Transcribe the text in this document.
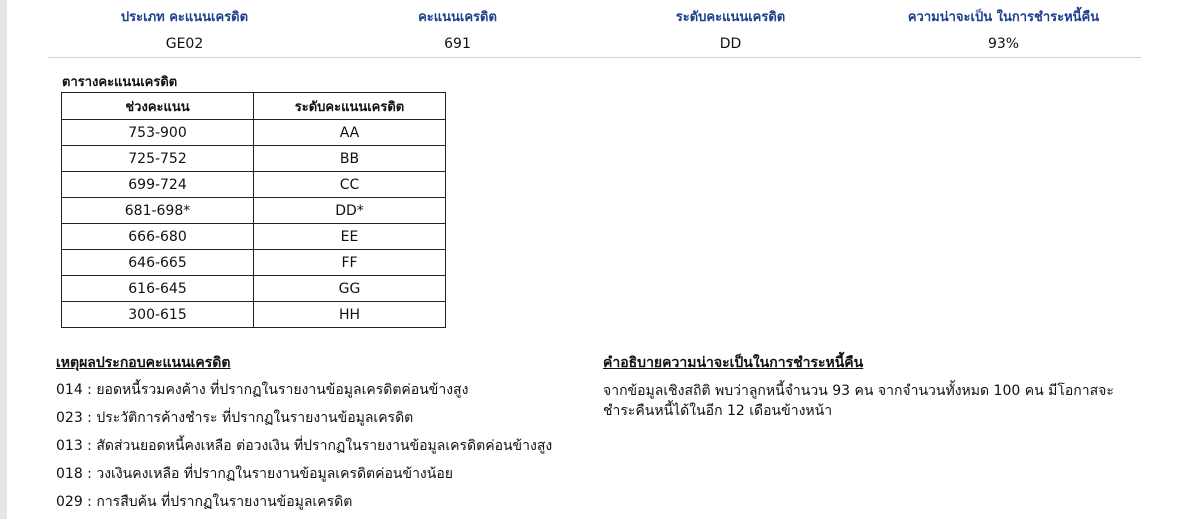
ประเภท คะแนนเครดิต	คะแนนเครดิต	ระดับคะแนนเครดิต	ความน่าจะเป็น ในการชำระหนี้คืน
GE02	691	DD	93%
ตารางคะแนนเครดิต
ช่วงคะแนน	ระดับคะแนนเครดิต
753-900	AA
725-752	BB
699-724	CC
681-698*	DD*
666-680	EE
646-665	FF
616-645	GG
300-615	HH
เหตุผลประกอบคะแนนเครดิต
014 : ยอดหนี้รวมคงค้าง ที่ปรากฏในรายงานข้อมูลเครดิตค่อนข้างสูง
023 : ประวัติการค้างชำระ ที่ปรากฏในรายงานข้อมูลเครดิต
013 : สัดส่วนยอดหนี้คงเหลือ ต่อวงเงิน ที่ปรากฏในรายงานข้อมูลเครดิตค่อนข้างสูง
018 : วงเงินคงเหลือ ที่ปรากฏในรายงานข้อมูลเครดิตค่อนข้างน้อย
029 : การสืบค้น ที่ปรากฏในรายงานข้อมูลเครดิต
คำอธิบายความน่าจะเป็นในการชำระหนี้คืน
จากข้อมูลเชิงสถิติ พบว่าลูกหนี้จำนวน 93 คน จากจำนวนทั้งหมด 100 คน มีโอกาสจะชำระคืนหนี้ได้ในอีก 12 เดือนข้างหน้า
